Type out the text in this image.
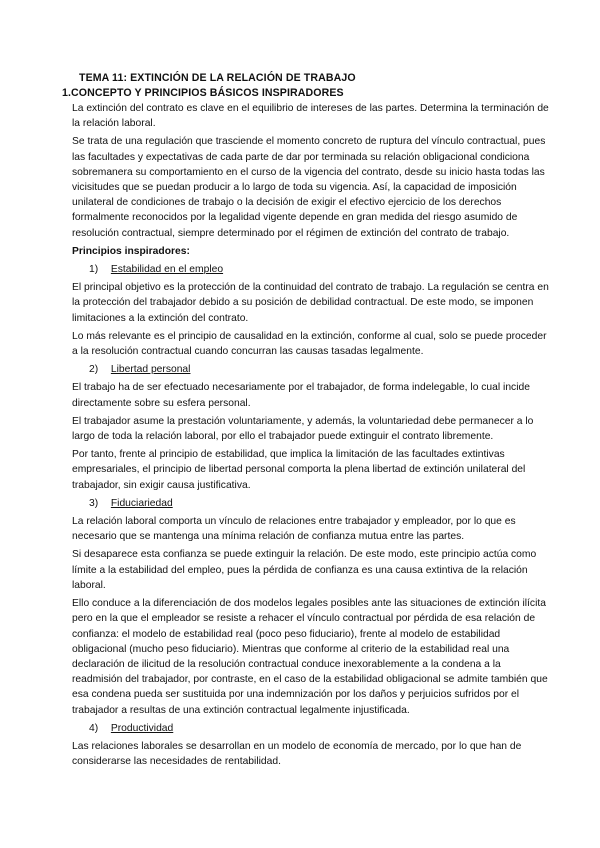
TEMA 11: EXTINCIÓN DE LA RELACIÓN DE TRABAJO
1.CONCEPTO Y PRINCIPIOS BÁSICOS INSPIRADORES

La extinción del contrato es clave en el equilibrio de intereses de las partes. Determina la terminación de la relación laboral.

Se trata de una regulación que trasciende el momento concreto de ruptura del vínculo contractual, pues las facultades y expectativas de cada parte de dar por terminada su relación obligacional condiciona sobremanera su comportamiento en el curso de la vigencia del contrato, desde su inicio hasta todas las vicisitudes que se puedan producir a lo largo de toda su vigencia. Así, la capacidad de imposición unilateral de condiciones de trabajo o la decisión de exigir el efectivo ejercicio de los derechos formalmente reconocidos por la legalidad vigente depende en gran medida del riesgo asumido de resolución contractual, siempre determinado por el régimen de extinción del contrato de trabajo.

Principios inspiradores:

1) Estabilidad en el empleo

El principal objetivo es la protección de la continuidad del contrato de trabajo. La regulación se centra en la protección del trabajador debido a su posición de debilidad contractual. De este modo, se imponen limitaciones a la extinción del contrato.

Lo más relevante es el principio de causalidad en la extinción, conforme al cual, solo se puede proceder a la resolución contractual cuando concurran las causas tasadas legalmente.

2) Libertad personal

El trabajo ha de ser efectuado necesariamente por el trabajador, de forma indelegable, lo cual incide directamente sobre su esfera personal.

El trabajador asume la prestación voluntariamente, y además, la voluntariedad debe permanecer a lo largo de toda la relación laboral, por ello el trabajador puede extinguir el contrato libremente.

Por tanto, frente al principio de estabilidad, que implica la limitación de las facultades extintivas empresariales, el principio de libertad personal comporta la plena libertad de extinción unilateral del trabajador, sin exigir causa justificativa.

3) Fiduciariedad

La relación laboral comporta un vínculo de relaciones entre trabajador y empleador, por lo que es necesario que se mantenga una mínima relación de confianza mutua entre las partes.

Si desaparece esta confianza se puede extinguir la relación. De este modo, este principio actúa como límite a la estabilidad del empleo, pues la pérdida de confianza es una causa extintiva de la relación laboral.

Ello conduce a la diferenciación de dos modelos legales posibles ante las situaciones de extinción ilícita pero en la que el empleador se resiste a rehacer el vínculo contractual por pérdida de esa relación de confianza: el modelo de estabilidad real (poco peso fiduciario), frente al modelo de estabilidad obligacional (mucho peso fiduciario). Mientras que conforme al criterio de la estabilidad real una declaración de ilicitud de la resolución contractual conduce inexorablemente a la condena a la readmisión del trabajador, por contraste, en el caso de la estabilidad obligacional se admite también que esa condena pueda ser sustituida por una indemnización por los daños y perjuicios sufridos por el trabajador a resultas de una extinción contractual legalmente injustificada.

4) Productividad

Las relaciones laborales se desarrollan en un modelo de economía de mercado, por lo que han de considerarse las necesidades de rentabilidad.
